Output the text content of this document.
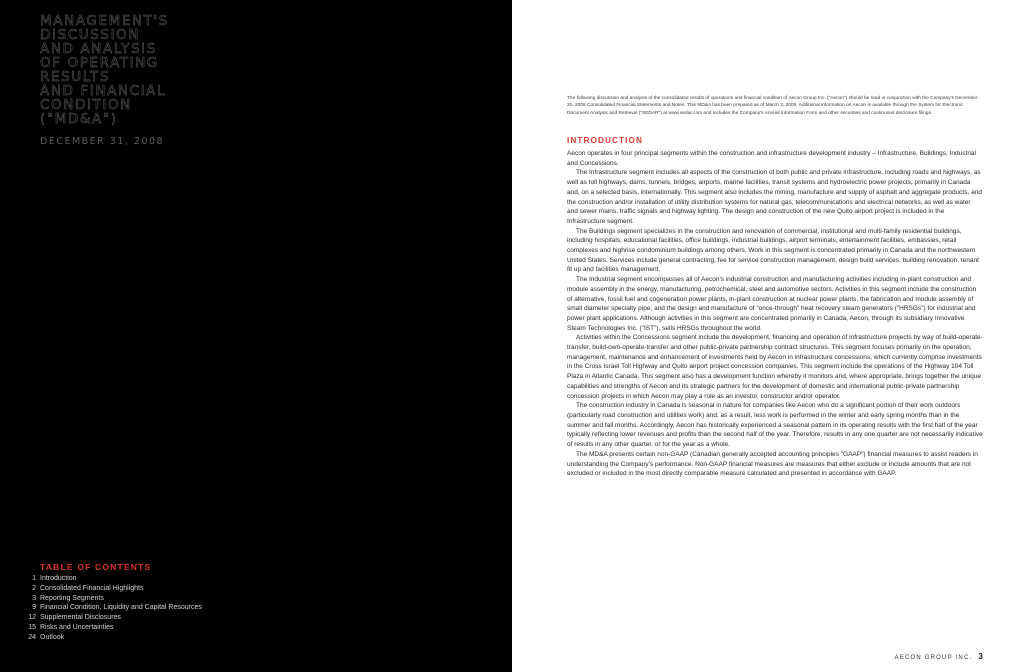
MANAGEMENT'S
DISCUSSION
AND ANALYSIS
OF OPERATING
RESULTS
AND FINANCIAL
CONDITION
("MD&A")
DECEMBER 31, 2008
TABLE OF CONTENTS
1 Introduction
2 Consolidated Financial Highlights
3 Reporting Segments
9 Financial Condition, Liquidity and Capital Resources
12 Supplemental Disclosures
15 Risks and Uncertainties
24 Outlook

The following discussion and analysis of the consolidated results of operations and financial condition of Aecon Group Inc. ("Aecon") should be read in conjunction with the Company's December 31, 2008 Consolidated Financial Statements and Notes. This MD&A has been prepared as of March 3, 2009. Additional information on Aecon is available through the System for Electronic Document Analysis and Retrieval ("SEDAR") at www.sedar.com and includes the Company's Annual Information Form and other securities and continuous disclosure filings.

INTRODUCTION

Aecon operates in four principal segments within the construction and infrastructure development industry – Infrastructure, Buildings, Industrial and Concessions.

The Infrastructure segment includes all aspects of the construction of both public and private infrastructure, including roads and highways, as well as toll highways, dams, tunnels, bridges, airports, marine facilities, transit systems and hydroelectric power projects, primarily in Canada and, on a selected basis, internationally. This segment also includes the mining, manufacture and supply of asphalt and aggregate products, and the construction and/or installation of utility distribution systems for natural gas, telecommunications and electrical networks, as well as water and sewer mains, traffic signals and highway lighting. The design and construction of the new Quito airport project is included in the Infrastructure segment.

The Buildings segment specializes in the construction and renovation of commercial, institutional and multi-family residential buildings, including hospitals, educational facilities, office buildings, industrial buildings, airport terminals, entertainment facilities, embassies, retail complexes and highrise condominium buildings among others. Work in this segment is concentrated primarily in Canada and the northwestern United States. Services include general contracting, fee for service construction management, design build services, building renovation, tenant fit up and facilities management.

The Industrial segment encompasses all of Aecon's industrial construction and manufacturing activities including in-plant construction and module assembly in the energy, manufacturing, petrochemical, steel and automotive sectors. Activities in this segment include the construction of alternative, fossil fuel and cogeneration power plants, in-plant construction at nuclear power plants, the fabrication and module assembly of small diameter specialty pipe, and the design and manufacture of "once-through" heat recovery steam generators ("HRSGs") for industrial and power plant applications. Although activities in this segment are concentrated primarily in Canada, Aecon, through its subsidiary Innovative Steam Technologies Inc. ("IST"), sells HRSGs throughout the world.

Activities within the Concessions segment include the development, financing and operation of infrastructure projects by way of build-operate-transfer, build-own-operate-transfer and other public-private partnership contract structures. This segment focuses primarily on the operation, management, maintenance and enhancement of investments held by Aecon in infrastructure concessions, which currently comprise investments in the Cross Israel Toll Highway and Quito airport project concession companies. This segment include the operations of the Highway 104 Toll Plaza in Atlantic Canada. This segment also has a development function whereby it monitors and, where appropriate, brings together the unique capabilities and strengths of Aecon and its strategic partners for the development of domestic and international public-private partnership concession projects in which Aecon may play a role as an investor, constructor and/or operator.

The construction industry in Canada is seasonal in nature for companies like Aecon who do a significant portion of their work outdoors (particularly road construction and utilities work) and, as a result, less work is performed in the winter and early spring months than in the summer and fall months. Accordingly, Aecon has historically experienced a seasonal pattern in its operating results with the first half of the year typically reflecting lower revenues and profits than the second half of the year. Therefore, results in any one quarter are not necessarily indicative of results in any other quarter, or for the year as a whole.

The MD&A presents certain non-GAAP (Canadian generally accepted accounting principles "GAAP") financial measures to assist readers in understanding the Company's performance. Non-GAAP financial measures are measures that either exclude or include amounts that are not excluded or included in the most directly comparable measure calculated and presented in accordance with GAAP.

AECON GROUP INC. 3
